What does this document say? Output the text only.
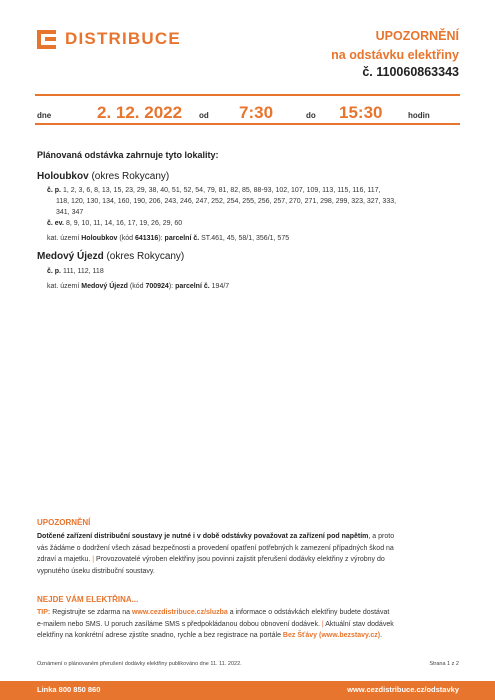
DISTRIBUCE	UPOZORNĚNÍ
na odstávku elektřiny
č. 110060863343
dne	2. 12. 2022 od 7:30	do 15:30	hodin
Plánovaná odstávka zahrnuje tyto lokality:
Holoubkov (okres Rokycany)
č. p. 1, 2, 3, 6, 8, 13, 15, 23, 29, 38, 40, 51, 52, 54, 79, 81, 82, 85, 88-93, 102, 107, 109, 113, 115, 116, 117,
118, 120, 130, 134, 160, 190, 206, 243, 246, 247, 252, 254, 255, 256, 257, 270, 271, 298, 299, 323, 327, 333,
341, 347
č. ev. 8, 9, 10, 11, 14, 16, 17, 19, 26, 29, 60
kat. území Holoubkov (kód 641316): parcelní č. ST.461, 45, 58/1, 356/1, 575
Medový Újezd (okres Rokycany)
č. p. 111, 112, 118
kat. území Medový Újezd (kód 700924): parcelní č. 194/7
UPOZORNĚNÍ
Dotčené zařízení distribuční soustavy je nutné i v době odstávky považovat za zařízení pod napětím, a proto
vás žádáme o dodržení všech zásad bezpečnosti a provedení opatření potřebných k zamezení případných škod na
zdraví a majetku. | Provozovatelé výroben elektřiny jsou povinni zajistit přerušení dodávky elektřiny z výrobny do
vypnutého úseku distribuční soustavy.
NEJDE VÁM ELEKTŘINA...
TIP: Registrujte se zdarma na www.cezdistribuce.cz/sluzba a informace o odstávkách elektřiny budete dostávat
e-mailem nebo SMS. U poruch zasíláme SMS s předpokládanou dobou obnovení dodávek. | Aktuální stav dodávek
elektřiny na konkrétní adrese zjistíte snadno, rychle a bez registrace na portále Bez Šťávy (www.bezstavy.cz).
Oznámení o plánovaném přerušení dodávky elektřiny publikováno dne 11. 11. 2022.	Strana 1 z 2
Linka 800 850 860	www.cezdistribuce.cz/odstavky
